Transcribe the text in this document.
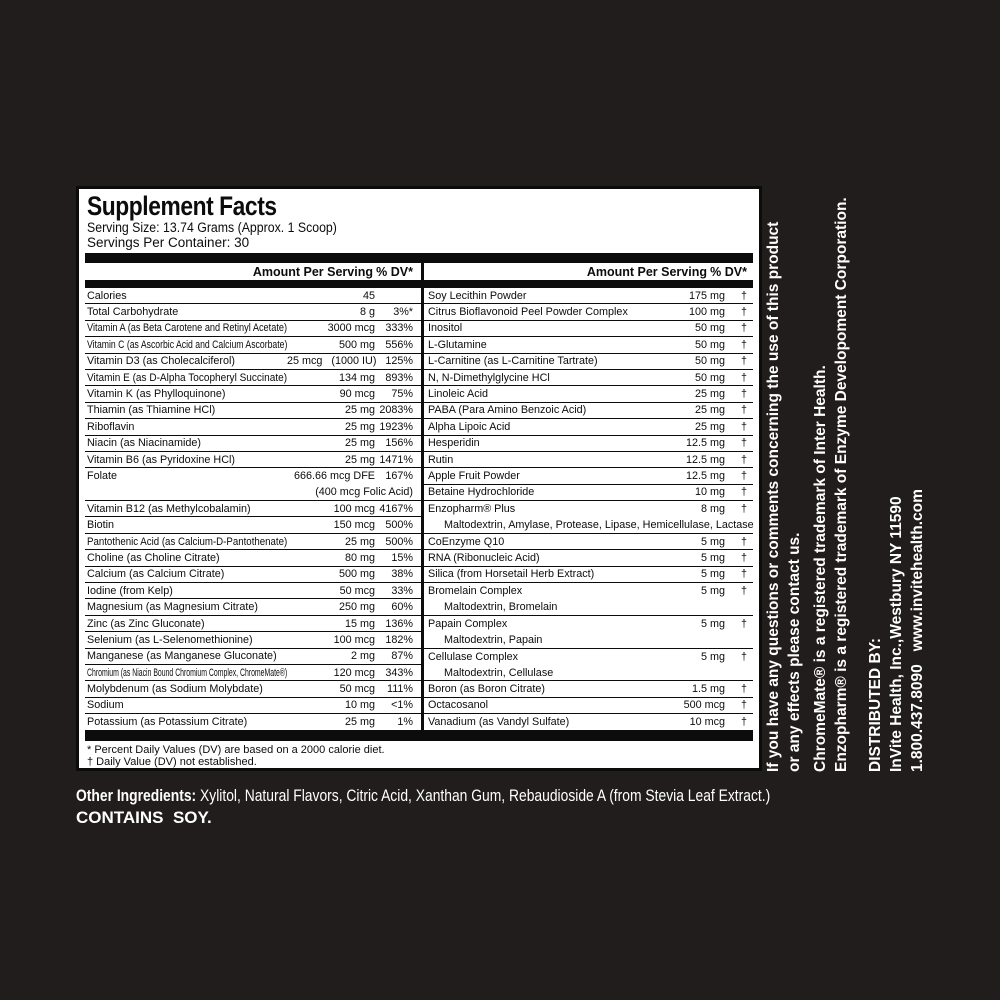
Supplement Facts
Serving Size: 13.74 Grams (Approx. 1 Scoop)
Servings Per Container: 30
Amount Per Serving % DV*
Calories	45
Total Carbohydrate	8 g	3%*
Vitamin A (as Beta Carotene and Retinyl Acetate)	3000 mcg 333%
Vitamin C (as Ascorbic Acid and Calcium Ascorbate)	500 mg 556%
Vitamin D3 (as Cholecalciferol)	25 mcg   (1000 IU) 125%
Vitamin E (as D-Alpha Tocopheryl Succinate)	134 mg 893%
Vitamin K (as Phylloquinone)	90 mcg	75%
Thiamin (as Thiamine HCl)	25 mg 2083%
Riboflavin	25 mg 1923%
Niacin (as Niacinamide)	25 mg 156%
Vitamin B6 (as Pyridoxine HCl)	25 mg 1471%
Folate	666.66 mcg DFE 167%
(400 mcg Folic Acid)
Vitamin B12 (as Methylcobalamin)	100 mcg 4167%
Biotin	150 mcg 500%
Pantothenic Acid (as Calcium-D-Pantothenate)	25 mg 500%
Choline (as Choline Citrate)	80 mg	15%
Calcium (as Calcium Citrate)	500 mg	38%
Iodine (from Kelp)	50 mcg	33%
Magnesium (as Magnesium Citrate)	250 mg	60%
Zinc (as Zinc Gluconate)	15 mg 136%
Selenium (as L-Selenomethionine)	100 mcg 182%
Manganese (as Manganese Gluconate)	2 mg	87%
Chromium (as Niacin Bound Chromium Complex, ChromeMate®)	120 mcg 343%
Molybdenum (as Sodium Molybdate)	50 mcg	111%
Sodium	10 mg	<1%
Potassium (as Potassium Citrate)	25 mg	1%
Amount Per Serving % DV*
Soy Lecithin Powder	175 mg	†
Citrus Bioflavonoid Peel Powder Complex	100 mg	†
Inositol	50 mg	†
L-Glutamine	50 mg	†
L-Carnitine (as L-Carnitine Tartrate)	50 mg	†
N, N-Dimethylglycine HCl	50 mg	†
Linoleic Acid	25 mg	†
PABA (Para Amino Benzoic Acid)	25 mg	†
Alpha Lipoic Acid	25 mg	†
Hesperidin	12.5 mg	†
Rutin	12.5 mg	†
Apple Fruit Powder	12.5 mg	†
Betaine Hydrochloride	10 mg	†
Enzopharm® Plus	8 mg	†
Maltodextrin, Amylase, Protease, Lipase, Hemicellulase, Lactase
CoEnzyme Q10	5 mg	†
RNA (Ribonucleic Acid)	5 mg	†
Silica (from Horsetail Herb Extract)	5 mg	†
Bromelain Complex	5 mg	†
Maltodextrin, Bromelain
Papain Complex	5 mg	†
Maltodextrin, Papain
Cellulase Complex	5 mg	†
Maltodextrin, Cellulase
Boron (as Boron Citrate)	1.5 mg	†
Octacosanol	500 mcg	†
Vanadium (as Vandyl Sulfate)	10 mcg	†
* Percent Daily Values (DV) are based on a 2000 calorie diet.
† Daily Value (DV) not established.
Other Ingredients: Xylitol, Natural Flavors, Citric Acid, Xanthan Gum, Rebaudioside A (from Stevia Leaf Extract.)
CONTAINS  SOY.
If you have any questions or comments concerning the use of this product or any effects please contact us. ChromeMate® is a registered trademark of Inter Health. Enzopharm® is a registered trademark of Enzyme Developoment Corporation. DISTRIBUTED BY: InVite Health, Inc.,Westbury NY 11590 1.800.437.8090   www.invitehealth.com
